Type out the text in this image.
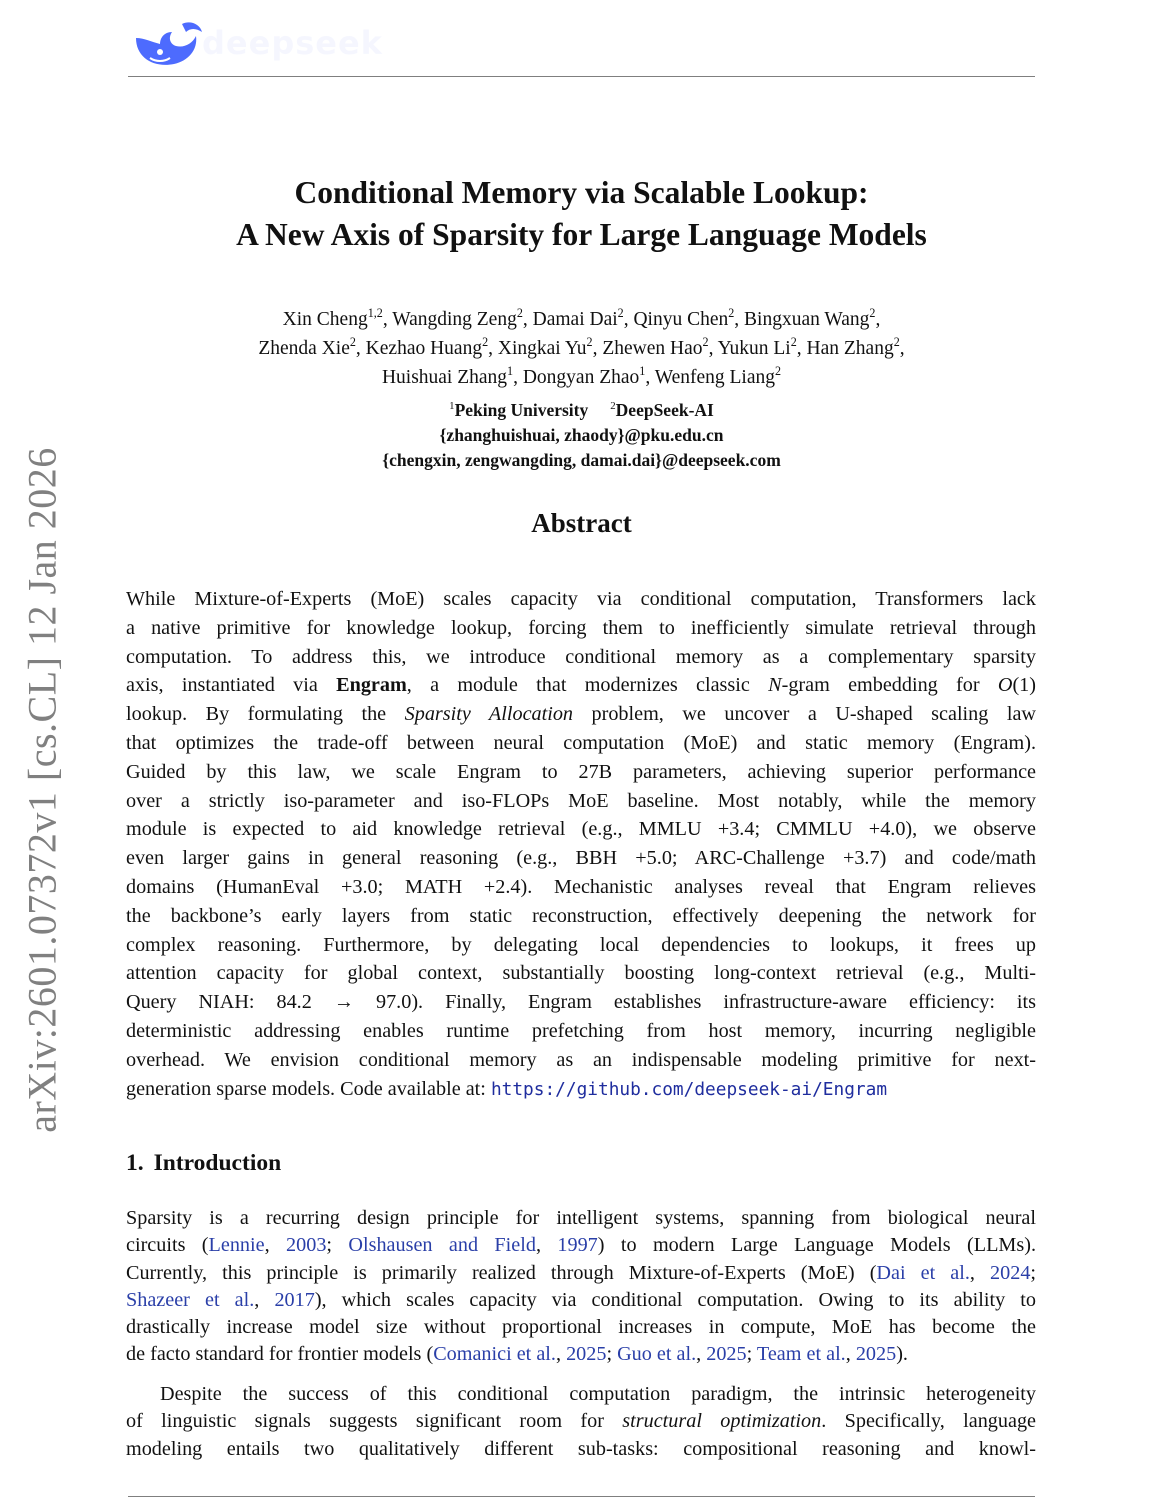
deepseek
arXiv:2601.07372v1 [cs.CL] 12 Jan 2026
Conditional Memory via Scalable Lookup:
A New Axis of Sparsity for Large Language Models
Xin Cheng$^{1,2}$, Wangding Zeng$^2$, Damai Dai$^2$, Qinyu Chen$^2$, Bingxuan Wang$^2$,
Zhenda Xie$^2$, Kezhao Huang$^2$, Xingkai Yu$^2$, Zhewen Hao$^2$, Yukun Li$^2$, Han Zhang$^2$,
Huishuai Zhang$^1$, Dongyan Zhao$^1$, Wenfeng Liang$^2$
$^1$Peking University $^2$DeepSeek-AI
{zhanghuishuai, zhaody}@pku.edu.cn
{chengxin, zengwangding, damai.dai}@deepseek.com
Abstract
While Mixture-of-Experts (MoE) scales capacity via conditional computation, Transformers lack
a native primitive for knowledge lookup, forcing them to inefficiently simulate retrieval through
computation. To address this, we introduce conditional memory as a complementary sparsity
axis, instantiated via Engram, a module that modernizes classic N-gram embedding for O(1)
lookup. By formulating the Sparsity Allocation problem, we uncover a U-shaped scaling law
that optimizes the trade-off between neural computation (MoE) and static memory (Engram).
Guided by this law, we scale Engram to 27B parameters, achieving superior performance
over a strictly iso-parameter and iso-FLOPs MoE baseline. Most notably, while the memory
module is expected to aid knowledge retrieval (e.g., MMLU +3.4; CMMLU +4.0), we observe
even larger gains in general reasoning (e.g., BBH +5.0; ARC-Challenge +3.7) and code/math
domains (HumanEval +3.0; MATH +2.4). Mechanistic analyses reveal that Engram relieves
the backbone’s early layers from static reconstruction, effectively deepening the network for
complex reasoning. Furthermore, by delegating local dependencies to lookups, it frees up
attention capacity for global context, substantially boosting long-context retrieval (e.g., Multi-
Query NIAH: 84.2 → 97.0). Finally, Engram establishes infrastructure-aware efficiency: its
deterministic addressing enables runtime prefetching from host memory, incurring negligible
overhead. We envision conditional memory as an indispensable modeling primitive for next-
generation sparse models. Code available at: https://github.com/deepseek-ai/Engram
1. Introduction
Sparsity is a recurring design principle for intelligent systems, spanning from biological neural
circuits (Lennie, 2003; Olshausen and Field, 1997) to modern Large Language Models (LLMs).
Currently, this principle is primarily realized through Mixture-of-Experts (MoE) (Dai et al., 2024;
Shazeer et al., 2017), which scales capacity via conditional computation. Owing to its ability to
drastically increase model size without proportional increases in compute, MoE has become the
de facto standard for frontier models (Comanici et al., 2025; Guo et al., 2025; Team et al., 2025).
Despite the success of this conditional computation paradigm, the intrinsic heterogeneity
of linguistic signals suggests significant room for structural optimization. Specifically, language
modeling entails two qualitatively different sub-tasks: compositional reasoning and knowl-
